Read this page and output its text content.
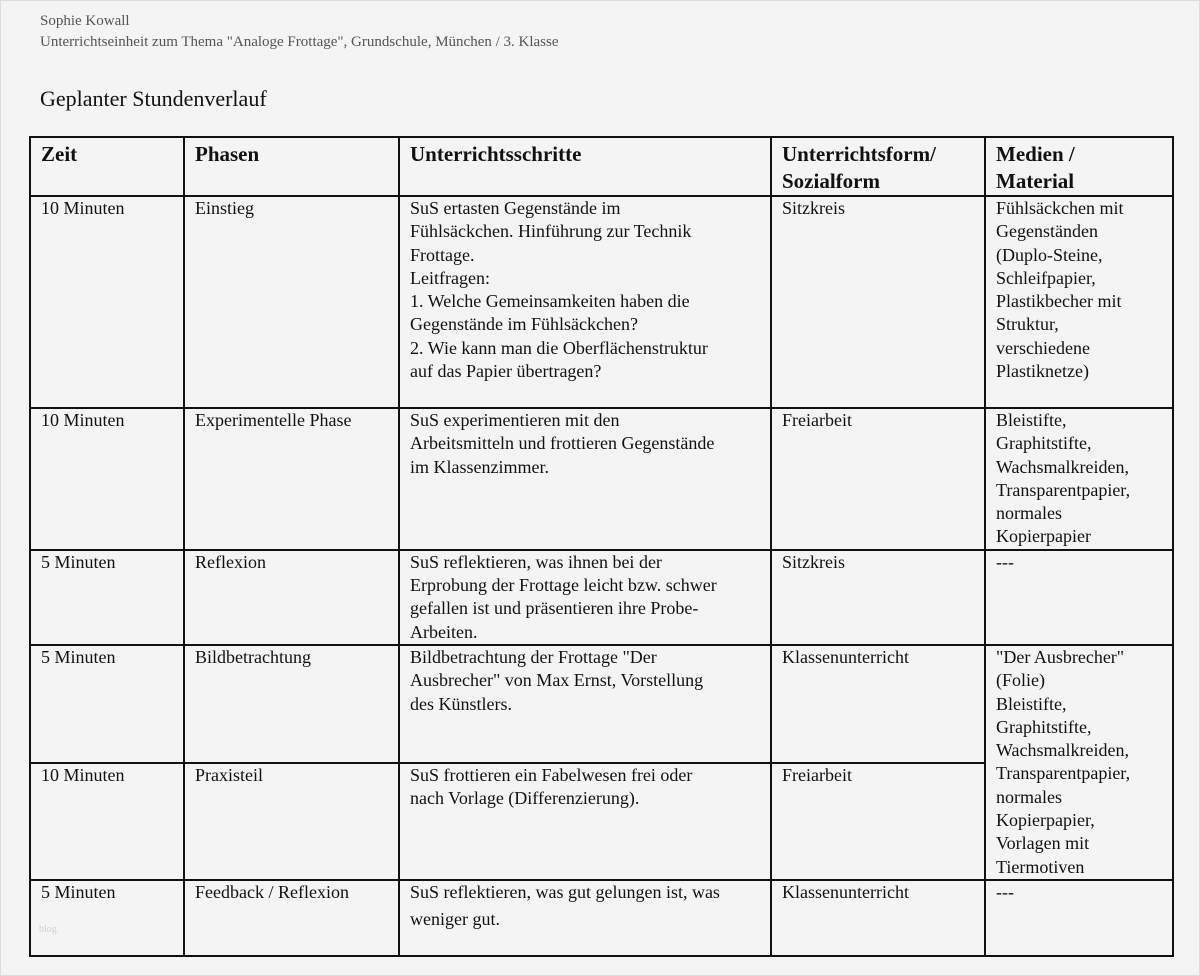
Sophie Kowall
Unterrichtseinheit zum Thema "Analoge Frottage", Grundschule, München / 3. Klasse
Geplanter Stundenverlauf
Zeit	Phasen	Unterrichtsschritte	Unterrichtsform/
Sozialform	Medien /
Material

10 Minuten	Einstieg	SuS ertasten Gegenstände im
Fühlsäckchen. Hinführung zur Technik
Frottage.
Leitfragen:
1. Welche Gemeinsamkeiten haben die
Gegenstände im Fühlsäckchen?
2. Wie kann man die Oberflächenstruktur
auf das Papier übertragen?
	Sitzkreis	Fühlsäckchen mit
Gegenständen
(Duplo-Steine,
Schleifpapier,
Plastikbecher mit
Struktur,
verschiedene
Plastiknetze)

10 Minuten	Experimentelle Phase	SuS experimentieren mit den
Arbeitsmitteln und frottieren Gegenstände
im Klassenzimmer.
	Freiarbeit	Bleistifte,
Graphitstifte,
Wachsmalkreiden,
Transparentpapier,
normales
Kopierpapier

5 Minuten	Reflexion	SuS reflektieren, was ihnen bei der
Erprobung der Frottage leicht bzw. schwer
gefallen ist und präsentieren ihre Probe-
Arbeiten.	Sitzkreis	---
5 Minuten	Bildbetrachtung	Bildbetrachtung der Frottage "Der
Ausbrecher" von Max Ernst, Vorstellung
des Künstlers.
	Klassenunterricht	"Der Ausbrecher"
(Folie)
Bleistifte,
Graphitstifte,
Wachsmalkreiden,
Transparentpapier,
normales
Kopierpapier,
Vorlagen mit
Tiermotiven

10 Minuten	Praxisteil	SuS frottieren ein Fabelwesen frei oder
nach Vorlage (Differenzierung).	Freiarbeit	
5 Minuten	Feedback / Reflexion	SuS reflektieren, was gut gelungen ist, was
weniger gut.	Klassenunterricht	---
blog
